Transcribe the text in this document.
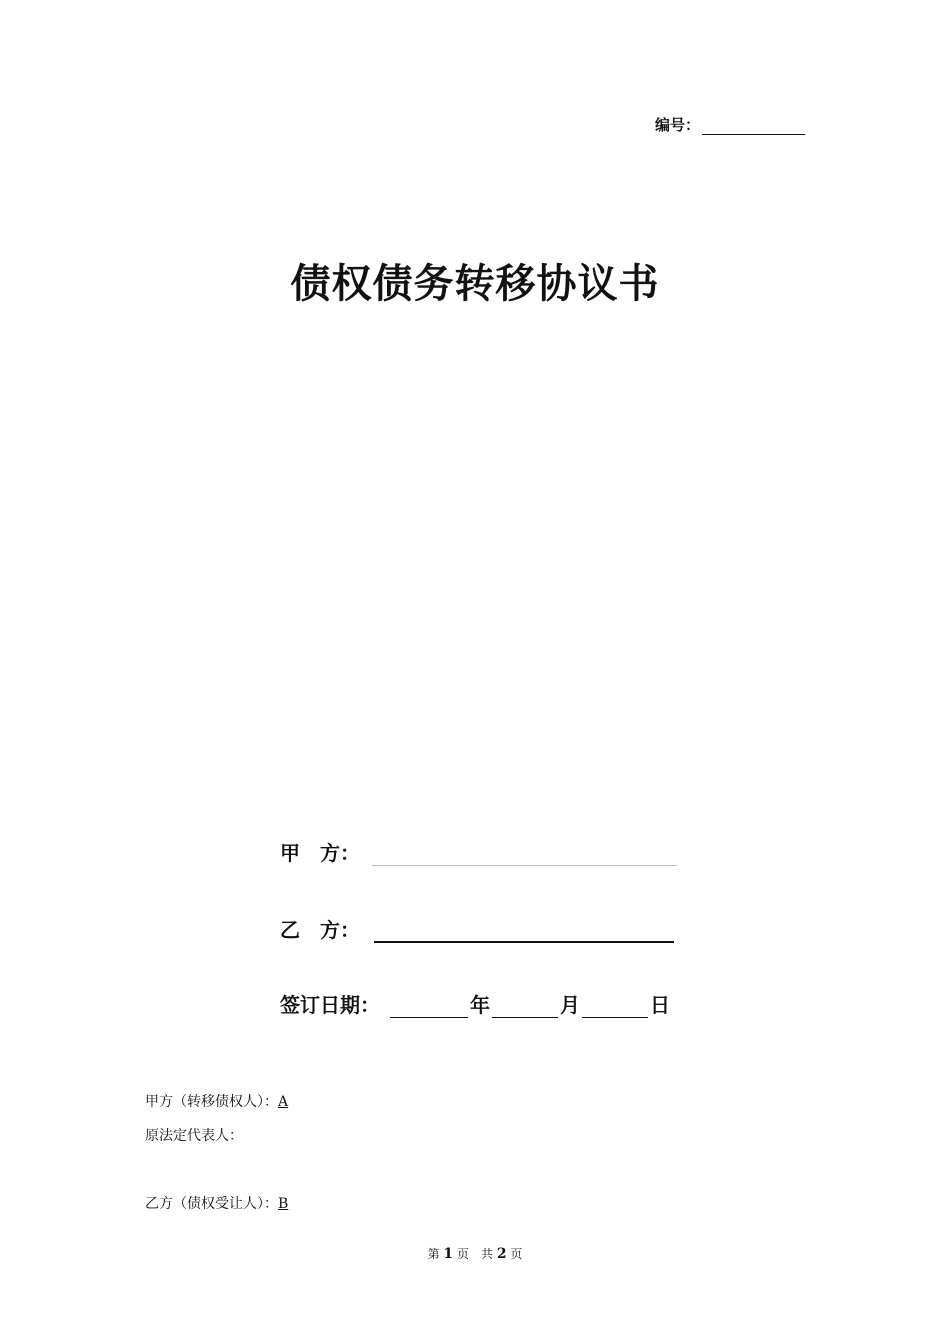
编号：
债权债务转移协议书
甲　方：
乙　方：
签订日期：	年	月	日
甲方（转移债权人）：A
原法定代表人：
乙方（债权受让人）：B
第 1 页　共 2 页
